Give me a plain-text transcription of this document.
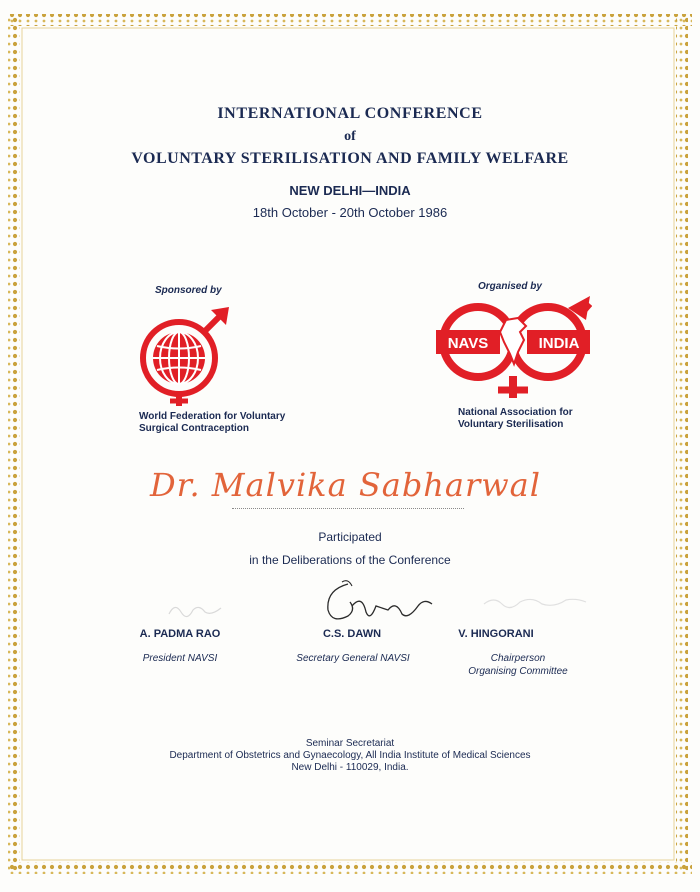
INTERNATIONAL CONFERENCE
of
VOLUNTARY STERILISATION AND FAMILY WELFARE
NEW DELHI—INDIA
18th October - 20th October 1986
Sponsored by	Organised by
NAVS	INDIA
World Federation for Voluntary
Surgical Contraception
National Association for
Voluntary Sterilisation
Dr. Malvika Sabharwal
Participated
in the Deliberations of the Conference
A. PADMA RAO
President NAVSI
C.S. DAWN
Secretary General NAVSI
V. HINGORANI
Chairperson
Organising Committee
Seminar Secretariat
Department of Obstetrics and Gynaecology, All India Institute of Medical Sciences
New Delhi - 110029, India.
